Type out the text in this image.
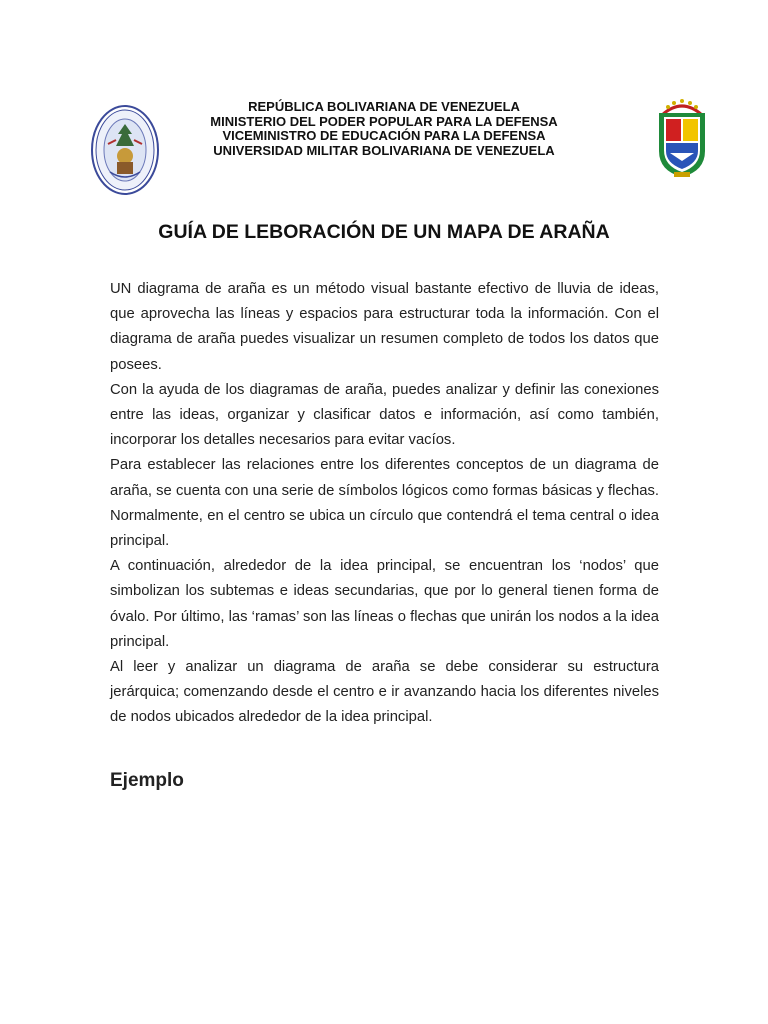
REPÚBLICA BOLIVARIANA DE VENEZUELA
MINISTERIO DEL PODER POPULAR PARA LA DEFENSA
VICEMINISTRO DE EDUCACIÓN PARA LA DEFENSA
UNIVERSIDAD MILITAR BOLIVARIANA DE VENEZUELA
GUÍA DE LEBORACIÓN DE UN MAPA DE ARAÑA

UN diagrama de araña es un método visual bastante efectivo de lluvia de ideas, que aprovecha las líneas y espacios para estructurar toda la información. Con el diagrama de araña puedes visualizar un resumen completo de todos los datos que posees.

Con la ayuda de los diagramas de araña, puedes analizar y definir las conexiones entre las ideas, organizar y clasificar datos e información, así como también, incorporar los detalles necesarios para evitar vacíos.

Para establecer las relaciones entre los diferentes conceptos de un diagrama de araña, se cuenta con una serie de símbolos lógicos como formas básicas y flechas. Normalmente, en el centro se ubica un círculo que contendrá el tema central o idea principal.

A continuación, alrededor de la idea principal, se encuentran los ‘nodos’ que simbolizan los subtemas e ideas secundarias, que por lo general tienen forma de óvalo. Por último, las ‘ramas’ son las líneas o flechas que unirán los nodos a la idea principal.

Al leer y analizar un diagrama de araña se debe considerar su estructura jerárquica; comenzando desde el centro e ir avanzando hacia los diferentes niveles de nodos ubicados alrededor de la idea principal.

Ejemplo
